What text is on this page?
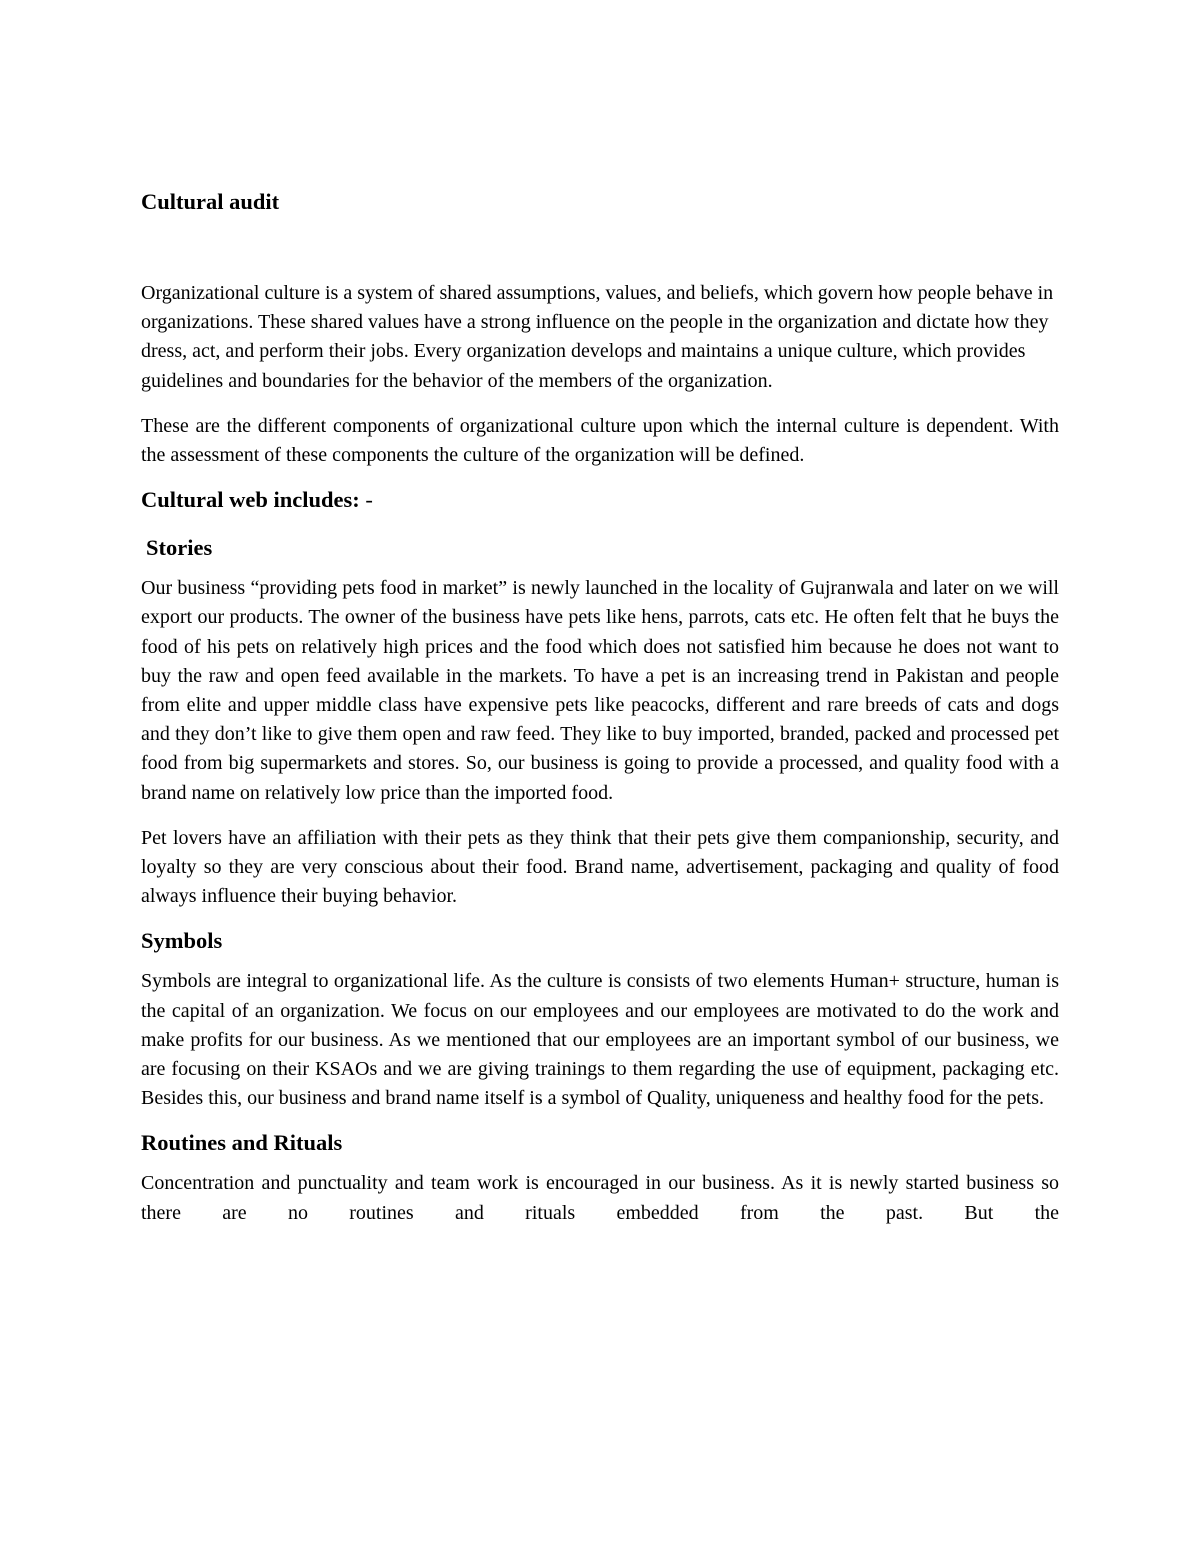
Cultural audit

Organizational culture is a system of shared assumptions, values, and beliefs, which govern how people behave in organizations. These shared values have a strong influence on the people in the organization and dictate how they dress, act, and perform their jobs. Every organization develops and maintains a unique culture, which provides guidelines and boundaries for the behavior of the members of the organization.

These are the different components of organizational culture upon which the internal culture is dependent. With the assessment of these components the culture of the organization will be defined.

Cultural web includes: -

Stories

Our business “providing pets food in market” is newly launched in the locality of Gujranwala and later on we will export our products. The owner of the business have pets like hens, parrots, cats etc. He often felt that he buys the food of his pets on relatively high prices and the food which does not satisfied him because he does not want to buy the raw and open feed available in the markets. To have a pet is an increasing trend in Pakistan and people from elite and upper middle class have expensive pets like peacocks, different and rare breeds of cats and dogs and they don’t like to give them open and raw feed. They like to buy imported, branded, packed and processed pet food from big supermarkets and stores. So, our business is going to provide a processed, and quality food with a brand name on relatively low price than the imported food.

Pet lovers have an affiliation with their pets as they think that their pets give them companionship, security, and loyalty so they are very conscious about their food. Brand name, advertisement, packaging and quality of food always influence their buying behavior.

Symbols

Symbols are integral to organizational life. As the culture is consists of two elements Human+ structure, human is the capital of an organization. We focus on our employees and our employees are motivated to do the work and make profits for our business. As we mentioned that our employees are an important symbol of our business, we are focusing on their KSAOs and we are giving trainings to them regarding the use of equipment, packaging etc. Besides this, our business and brand name itself is a symbol of Quality, uniqueness and healthy food for the pets.

Routines and Rituals

Concentration and punctuality and team work is encouraged in our business. As it is newly started business so there are no routines and rituals embedded from the past. But the
